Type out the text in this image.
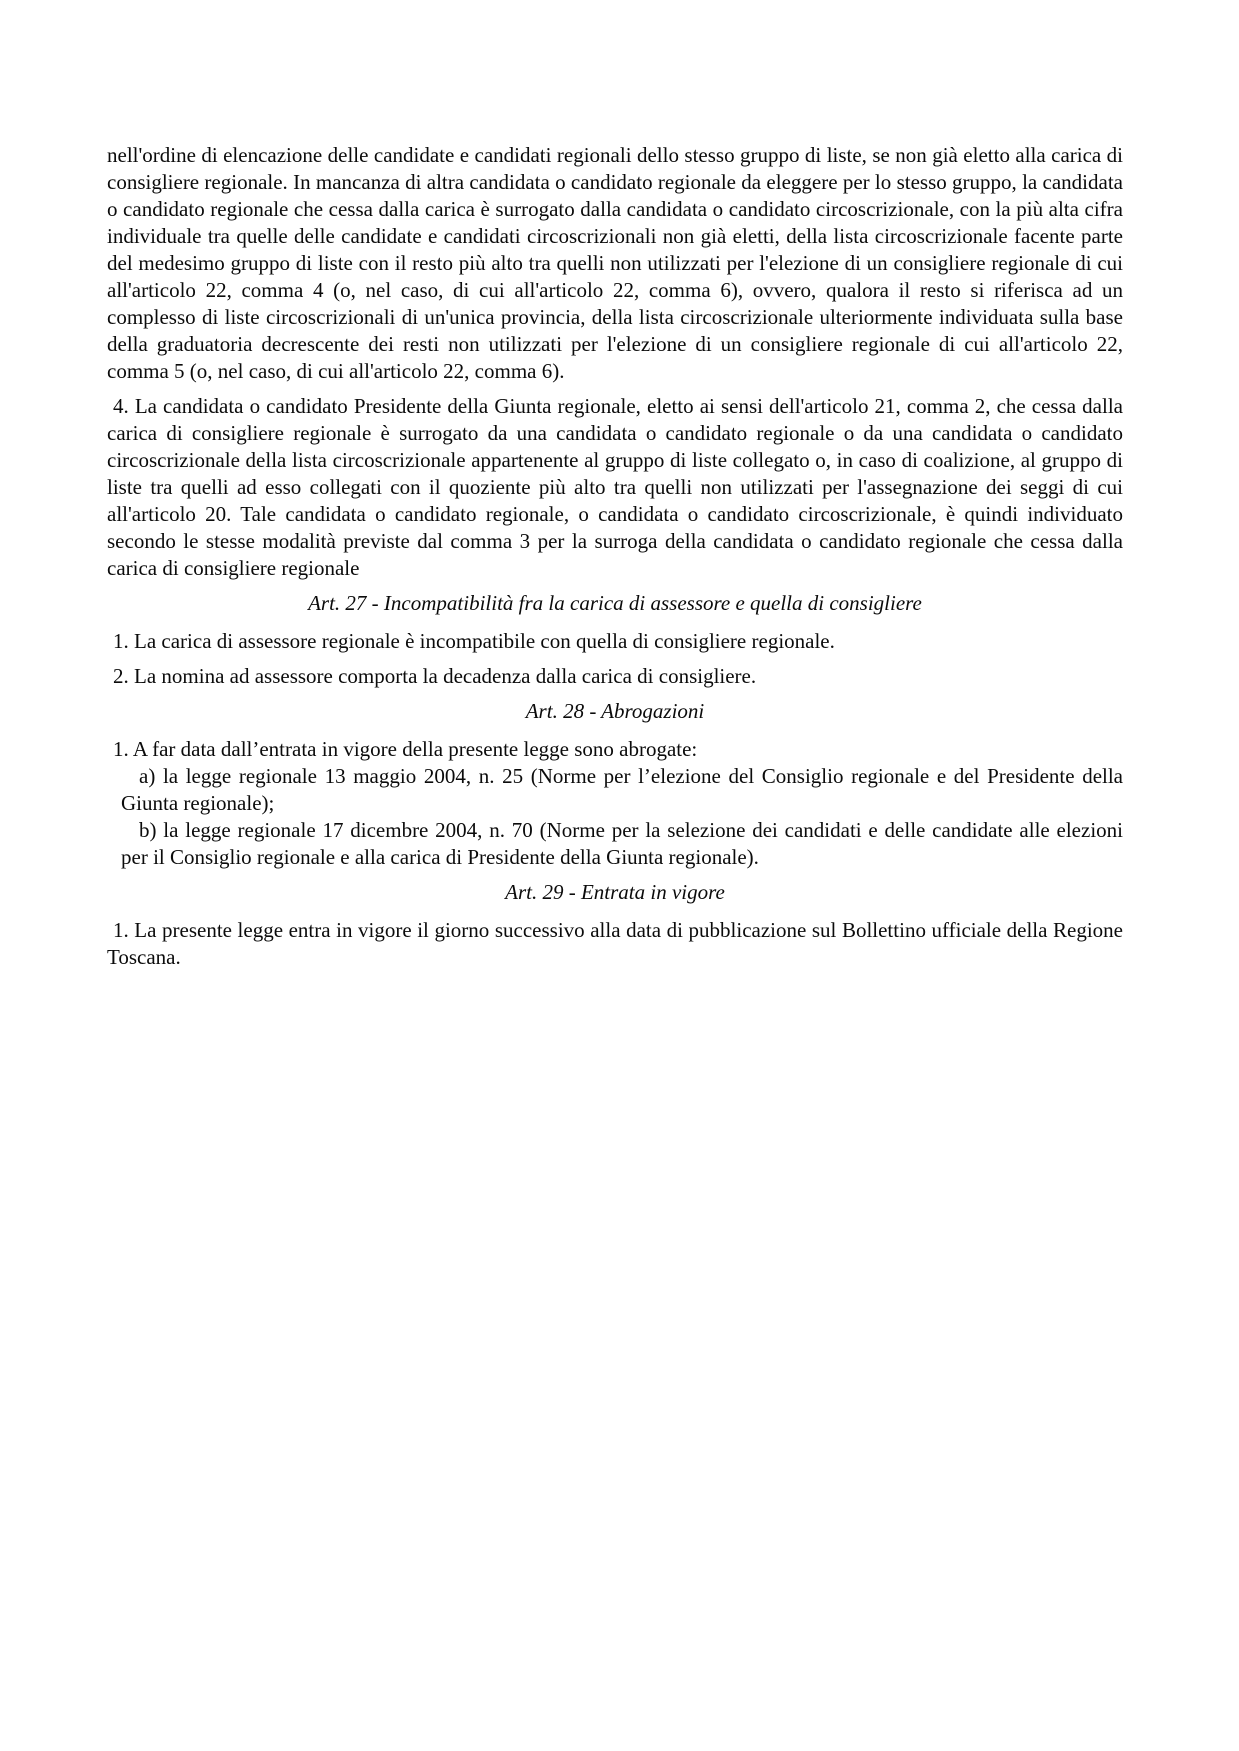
nell'ordine di elencazione delle candidate e candidati regionali dello stesso gruppo di liste, se non già eletto alla carica di consigliere regionale. In mancanza di altra candidata o candidato regionale da eleggere per lo stesso gruppo, la candidata o candidato regionale che cessa dalla carica è surrogato dalla candidata o candidato circoscrizionale, con la più alta cifra individuale tra quelle delle candidate e candidati circoscrizionali non già eletti, della lista circoscrizionale facente parte del medesimo gruppo di liste con il resto più alto tra quelli non utilizzati per l'elezione di un consigliere regionale di cui all'articolo 22, comma 4 (o, nel caso, di cui all'articolo 22, comma 6), ovvero, qualora il resto si riferisca ad un complesso di liste circoscrizionali di un'unica provincia, della lista circoscrizionale ulteriormente individuata sulla base della graduatoria decrescente dei resti non utilizzati per l'elezione di un consigliere regionale di cui all'articolo 22, comma 5 (o, nel caso, di cui all'articolo 22, comma 6).

4. La candidata o candidato Presidente della Giunta regionale, eletto ai sensi dell'articolo 21, comma 2, che cessa dalla carica di consigliere regionale è surrogato da una candidata o candidato regionale o da una candidata o candidato circoscrizionale della lista circoscrizionale appartenente al gruppo di liste collegato o, in caso di coalizione, al gruppo di liste tra quelli ad esso collegati con il quoziente più alto tra quelli non utilizzati per l'assegnazione dei seggi di cui all'articolo 20. Tale candidata o candidato regionale, o candidata o candidato circoscrizionale, è quindi individuato secondo le stesse modalità previste dal comma 3 per la surroga della candidata o candidato regionale che cessa dalla carica di consigliere regionale

Art. 27 - Incompatibilità fra la carica di assessore e quella di consigliere

1. La carica di assessore regionale è incompatibile con quella di consigliere regionale.

2. La nomina ad assessore comporta la decadenza dalla carica di consigliere.

Art. 28 - Abrogazioni

1. A far data dall’entrata in vigore della presente legge sono abrogate:

a) la legge regionale 13 maggio 2004, n. 25 (Norme per l’elezione del Consiglio regionale e del Presidente della Giunta regionale);

b) la legge regionale 17 dicembre 2004, n. 70 (Norme per la selezione dei candidati e delle candidate alle elezioni per il Consiglio regionale e alla carica di Presidente della Giunta regionale).

Art. 29 - Entrata in vigore

1. La presente legge entra in vigore il giorno successivo alla data di pubblicazione sul Bollettino ufficiale della Regione Toscana.
